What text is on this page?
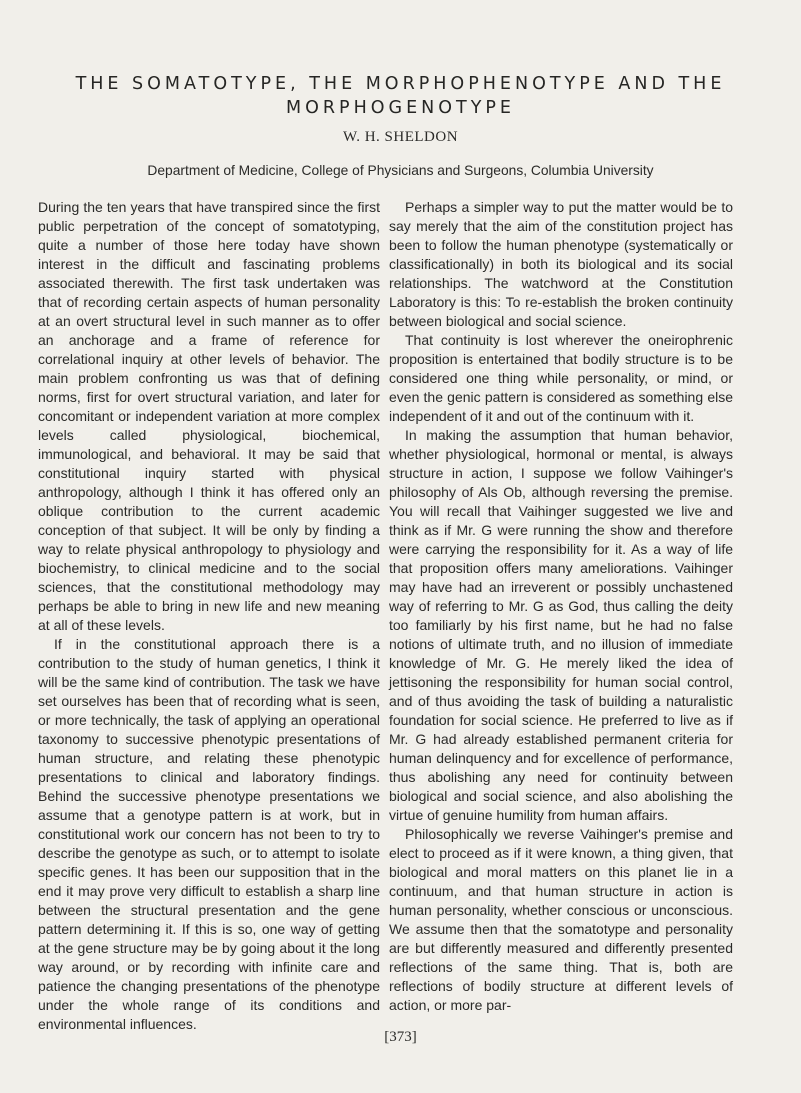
THE SOMATOTYPE, THE MORPHOPHENOTYPE AND THE
MORPHOGENOTYPE
W. H. SHELDON
Department of Medicine, College of Physicians and Surgeons, Columbia University

During the ten years that have transpired since the first public perpetration of the concept of somatotyping, quite a number of those here today have shown interest in the difficult and fascinating problems associated therewith. The first task undertaken was that of recording certain aspects of human personality at an overt structural level in such manner as to offer an anchorage and a frame of reference for correlational inquiry at other levels of behavior. The main problem confronting us was that of defining norms, first for overt structural variation, and later for concomitant or independent variation at more complex levels called physiological, biochemical, immunological, and behavioral. It may be said that constitutional inquiry started with physical anthropology, although I think it has offered only an oblique contribution to the current academic conception of that subject. It will be only by finding a way to relate physical anthropology to physiology and biochemistry, to clinical medicine and to the social sciences, that the constitutional methodology may perhaps be able to bring in new life and new meaning at all of these levels.

If in the constitutional approach there is a contribution to the study of human genetics, I think it will be the same kind of contribution. The task we have set ourselves has been that of recording what is seen, or more technically, the task of applying an operational taxonomy to successive phenotypic presentations of human structure, and relating these phenotypic presentations to clinical and laboratory findings. Behind the successive phenotype presentations we assume that a genotype pattern is at work, but in constitutional work our concern has not been to try to describe the genotype as such, or to attempt to isolate specific genes. It has been our supposition that in the end it may prove very difficult to establish a sharp line between the structural presentation and the gene pattern determining it. If this is so, one way of getting at the gene structure may be by going about it the long way around, or by recording with infinite care and patience the changing presentations of the phenotype under the whole range of its conditions and environmental influences.

Perhaps a simpler way to put the matter would be to say merely that the aim of the constitution project has been to follow the human phenotype (systematically or classificationally) in both its biological and its social relationships. The watchword at the Constitution Laboratory is this: To re-establish the broken continuity between biological and social science.

That continuity is lost wherever the oneirophrenic proposition is entertained that bodily structure is to be considered one thing while personality, or mind, or even the genic pattern is considered as something else independent of it and out of the continuum with it.

In making the assumption that human behavior, whether physiological, hormonal or mental, is always structure in action, I suppose we follow Vaihinger's philosophy of Als Ob, although reversing the premise. You will recall that Vaihinger suggested we live and think as if Mr. G were running the show and therefore were carrying the responsibility for it. As a way of life that proposition offers many ameliorations. Vaihinger may have had an irreverent or possibly unchastened way of referring to Mr. G as God, thus calling the deity too familiarly by his first name, but he had no false notions of ultimate truth, and no illusion of immediate knowledge of Mr. G. He merely liked the idea of jettisoning the responsibility for human social control, and of thus avoiding the task of building a naturalistic foundation for social science. He preferred to live as if Mr. G had already established permanent criteria for human delinquency and for excellence of performance, thus abolishing any need for continuity between biological and social science, and also abolishing the virtue of genuine humility from human affairs.

Philosophically we reverse Vaihinger's premise and elect to proceed as if it were known, a thing given, that biological and moral matters on this planet lie in a continuum, and that human structure in action is human personality, whether conscious or unconscious. We assume then that the somatotype and personality are but differently measured and differently presented reflections of the same thing. That is, both are reflections of bodily structure at different levels of action, or more par-

[373]
